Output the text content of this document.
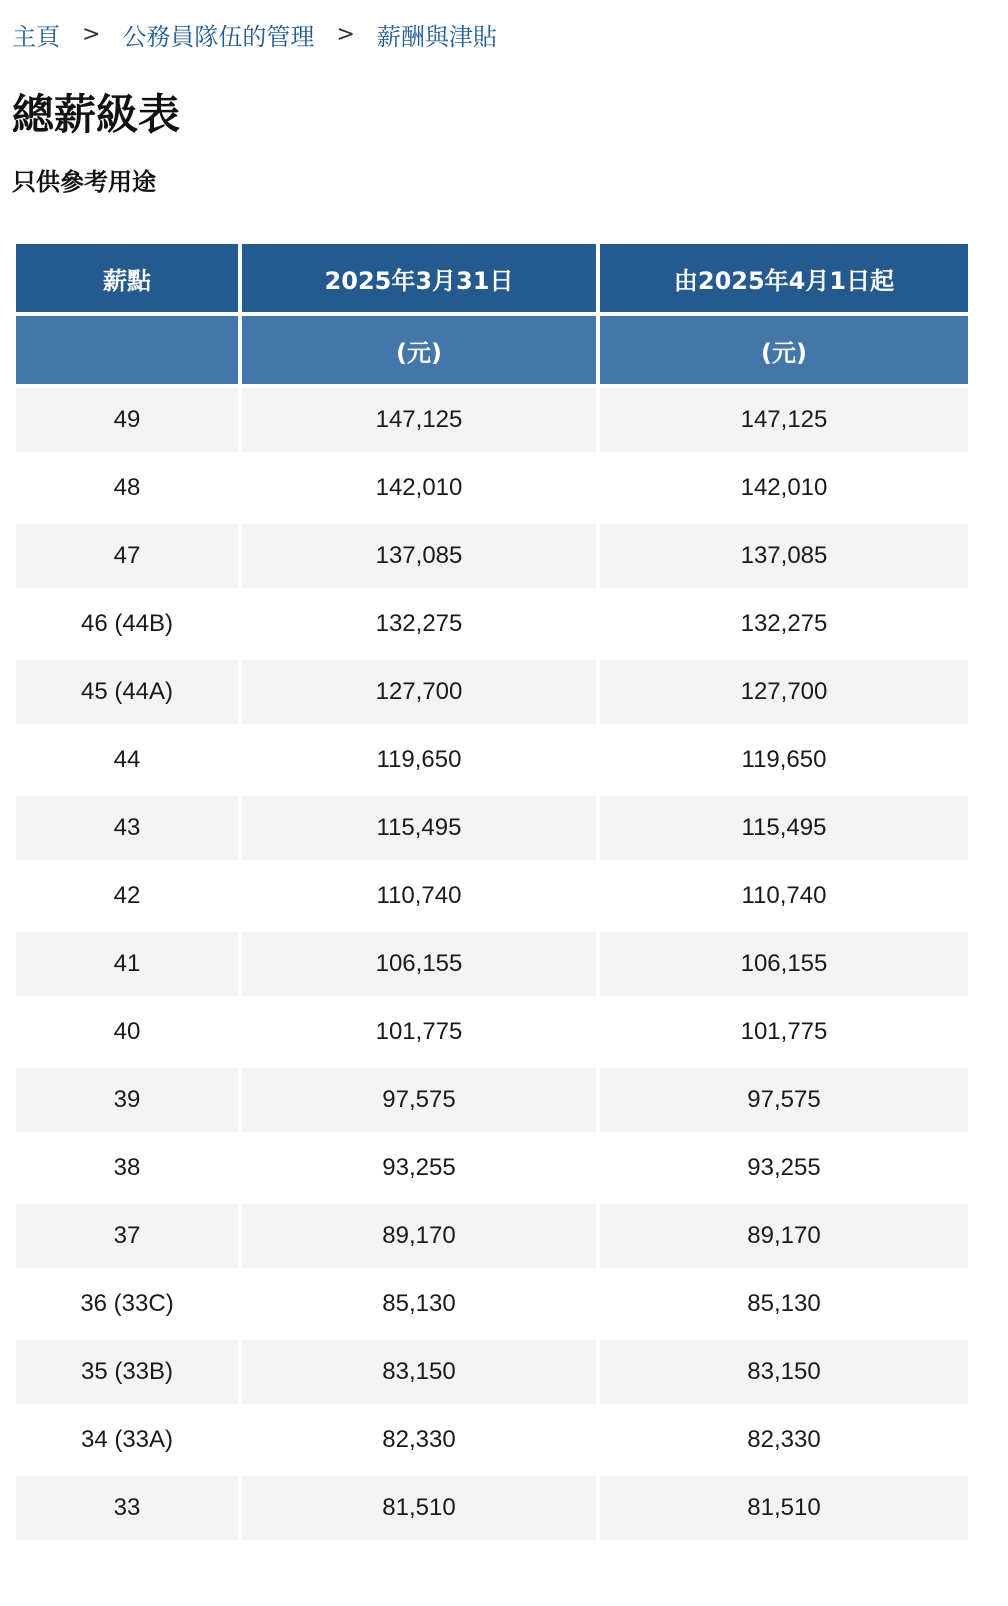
主頁 > 公務員隊伍的管理 > 薪酬與津貼
總薪級表

只供參考用途

薪點	2025年3月31日	由2025年4月1日起
	(元)	(元)
49	147,125	147,125
48	142,010	142,010
47	137,085	137,085
46 (44B)	132,275	132,275
45 (44A)	127,700	127,700
44	119,650	119,650
43	115,495	115,495
42	110,740	110,740
41	106,155	106,155
40	101,775	101,775
39	97,575	97,575
38	93,255	93,255
37	89,170	89,170
36 (33C)	85,130	85,130
35 (33B)	83,150	83,150
34 (33A)	82,330	82,330
33	81,510	81,510
